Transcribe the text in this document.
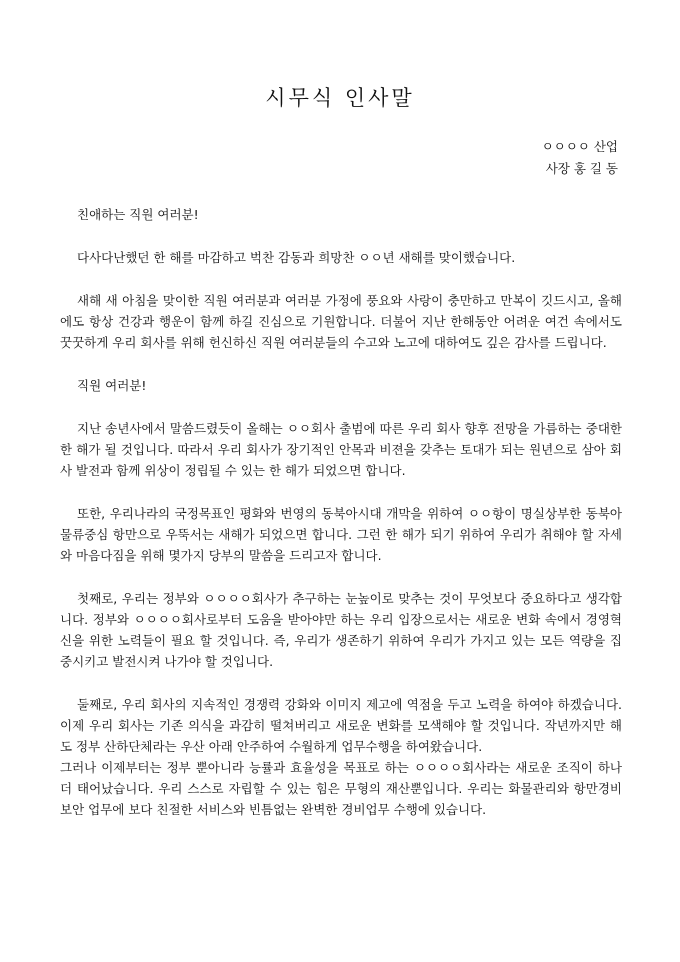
시무식 인사말
ㅇㅇㅇㅇ 산업
사장 홍 길 동

친애하는 직원 여러분!

다사다난했던 한 해를 마감하고 벅찬 감동과 희망찬 ㅇㅇ년 새해를 맞이했습니다.

새해 새 아침을 맞이한 직원 여러분과 여러분 가정에 풍요와 사랑이 충만하고 만복이 깃드시고, 올해에도 항상 건강과 행운이 함께 하길 진심으로 기원합니다. 더불어 지난 한해동안 어려운 여건 속에서도 꿋꿋하게 우리 회사를 위해 헌신하신 직원 여러분들의 수고와 노고에 대하여도 깊은 감사를 드립니다.

직원 여러분!

지난 송년사에서 말씀드렸듯이 올해는 ㅇㅇ회사 출범에 따른 우리 회사 향후 전망을 가름하는 중대한 한 해가 될 것입니다. 따라서 우리 회사가 장기적인 안목과 비젼을 갖추는 토대가 되는 원년으로 삼아 회사 발전과 함께 위상이 정립될 수 있는 한 해가 되었으면 합니다.

또한, 우리나라의 국정목표인 평화와 번영의 동북아시대 개막을 위하여 ㅇㅇ항이 명실상부한 동북아 물류중심 항만으로 우뚝서는 새해가 되었으면 합니다. 그런 한 해가 되기 위하여 우리가 취해야 할 자세와 마음다짐을 위해 몇가지 당부의 말씀을 드리고자 합니다.

첫째로, 우리는 정부와 ㅇㅇㅇㅇ회사가 추구하는 눈높이로 맞추는 것이 무엇보다 중요하다고 생각합니다. 정부와 ㅇㅇㅇㅇ회사로부터 도움을 받아야만 하는 우리 입장으로서는 새로운 변화 속에서 경영혁신을 위한 노력들이 필요 할 것입니다. 즉, 우리가 생존하기 위하여 우리가 가지고 있는 모든 역량을 집중시키고 발전시켜 나가야 할 것입니다.

둘째로, 우리 회사의 지속적인 경쟁력 강화와 이미지 제고에 역점을 두고 노력을 하여야 하겠습니다. 이제 우리 회사는 기존 의식을 과감히 떨쳐버리고 새로운 변화를 모색해야 할 것입니다. 작년까지만 해도 정부 산하단체라는 우산 아래 안주하여 수월하게 업무수행을 하여왔습니다.

그러나 이제부터는 정부 뿐아니라 능률과 효율성을 목표로 하는 ㅇㅇㅇㅇ회사라는 새로운 조직이 하나 더 태어났습니다. 우리 스스로 자립할 수 있는 힘은 무형의 재산뿐입니다. 우리는 화물관리와 항만경비보안 업무에 보다 친절한 서비스와 빈틈없는 완벽한 경비업무 수행에 있습니다.
